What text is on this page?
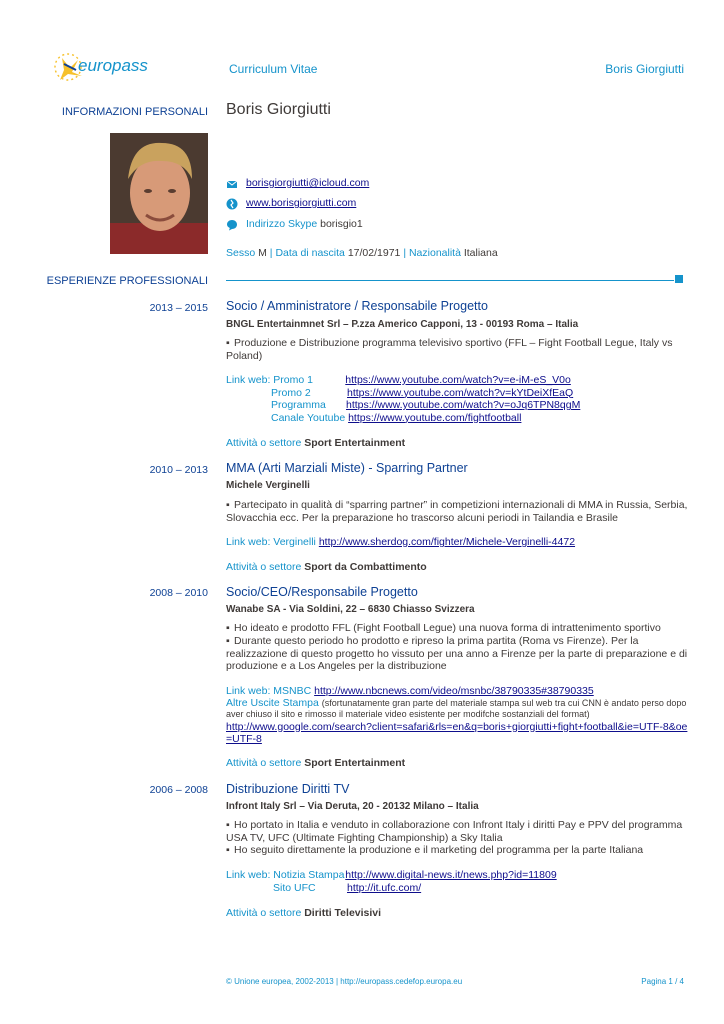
europass	Curriculum Vitae	Boris Giorgiutti
INFORMAZIONI PERSONALI Boris Giorgiutti
borisgiorgiutti@icloud.com
www.borisgiorgiutti.com
Indirizzo Skype borisgio1
Sesso M | Data di nascita 17/02/1971 | Nazionalità Italiana
ESPERIENZE PROFESSIONALI
2013 – 2015 Socio / Amministratore / Responsabile Progetto
BNGL Entertainmnet Srl – P.zza Americo Capponi, 13 - 00193 Roma – Italia
▪ Produzione e Distribuzione programma televisivo sportivo (FFL – Fight Football Legue, Italy vs Poland)
Link web: Promo 1	https://www.youtube.com/watch?v=e-iM-eS_V0o
Promo 2	https://www.youtube.com/watch?v=kYtDeiXfEaQ
Programma https://www.youtube.com/watch?v=oJq6TPN8qgM
Canale Youtube https://www.youtube.com/fightfootball
Attività o settore Sport Entertainment
2010 – 2013 MMA (Arti Marziali Miste) - Sparring Partner
Michele Verginelli
▪ Partecipato in qualità di “sparring partner” in competizioni internazionali di MMA in Russia, Serbia, Slovacchia ecc. Per la preparazione ho trascorso alcuni periodi in Tailandia e Brasile
Link web: Verginelli http://www.sherdog.com/fighter/Michele-Verginelli-4472
Attività o settore Sport da Combattimento
2008 – 2010 Socio/CEO/Responsabile Progetto
Wanabe SA - Via Soldini, 22 – 6830 Chiasso Svizzera
▪ Ho ideato e prodotto FFL (Fight Football Legue) una nuova forma di intrattenimento sportivo
▪ Durante questo periodo ho prodotto e ripreso la prima partita (Roma vs Firenze). Per la realizzazione di questo progetto ho vissuto per una anno a Firenze per la parte di preparazione e di produzione e a Los Angeles per la distribuzione
Link web: MSNBC http://www.nbcnews.com/video/msnbc/38790335#38790335
Altre Uscite Stampa (sfortunatamente gran parte del materiale stampa sul web tra cui CNN è andato perso dopo aver chiuso il sito e rimosso il materiale video esistente per modifche sostanziali del format)
http://www.google.com/search?client=safari&rls=en&q=boris+giorgiutti+fight+football&ie=UTF-8&oe=UTF-8
Attività o settore Sport Entertainment
2006 – 2008 Distribuzione Diritti TV
Infront Italy Srl – Via Deruta, 20 - 20132 Milano – Italia
▪ Ho portato in Italia e venduto in collaborazione con Infront Italy i diritti Pay e PPV del programma USA TV, UFC (Ultimate Fighting Championship) a Sky Italia
▪ Ho seguito direttamente la produzione e il marketing del programma per la parte Italiana
Link web: Notizia Stampahttp://www.digital-news.it/news.php?id=11809
Sito UFC	http://it.ufc.com/
Attività o settore Diritti Televisivi
© Unione europea, 2002-2013 | http://europass.cedefop.europa.eu	Pagina 1 / 4
